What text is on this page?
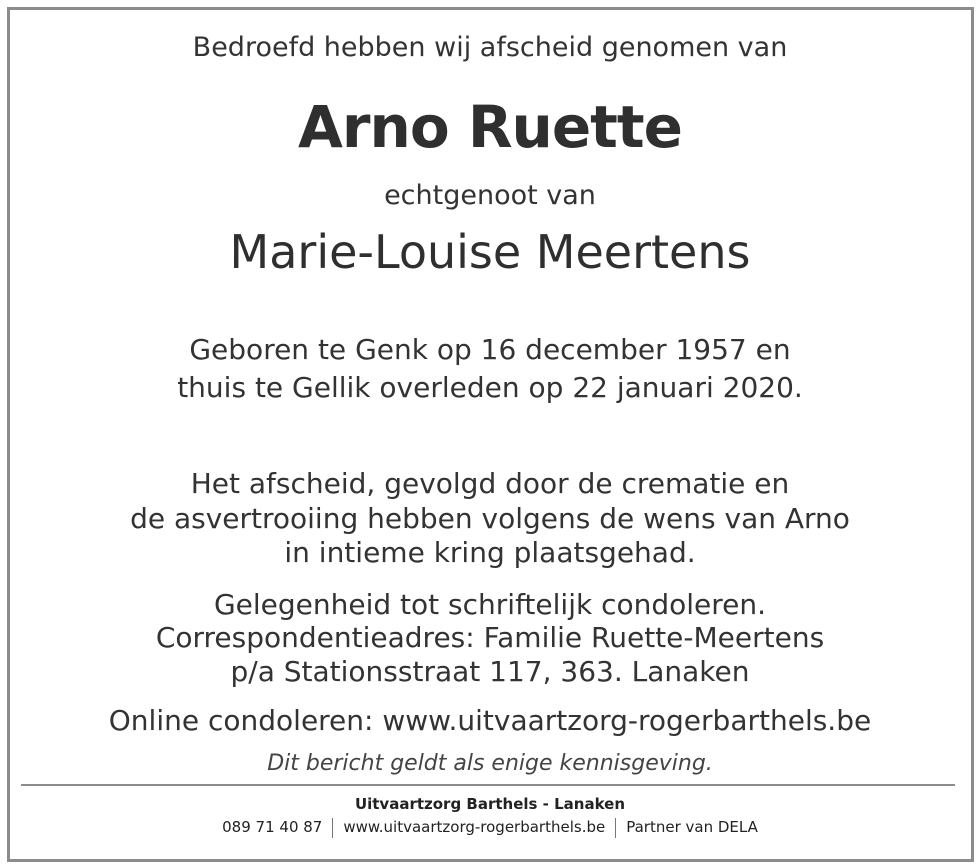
Bedroefd hebben wij afscheid genomen van
Arno Ruette
echtgenoot van
Marie-Louise Meertens
Geboren te Genk op 16 december 1957 en
thuis te Gellik overleden op 22 januari 2020.
Het afscheid, gevolgd door de crematie en
de asvertrooiing hebben volgens de wens van Arno
in intieme kring plaatsgehad.
Gelegenheid tot schriftelijk condoleren.
Correspondentieadres: Familie Ruette-Meertens
p/a Stationsstraat 117, 363. Lanaken
Online condoleren: www.uitvaartzorg-rogerbarthels.be
Dit bericht geldt als enige kennisgeving.
Uitvaartzorg Barthels - Lanaken
089 71 40 87 www.uitvaartzorg-rogerbarthels.be Partner van DELA
